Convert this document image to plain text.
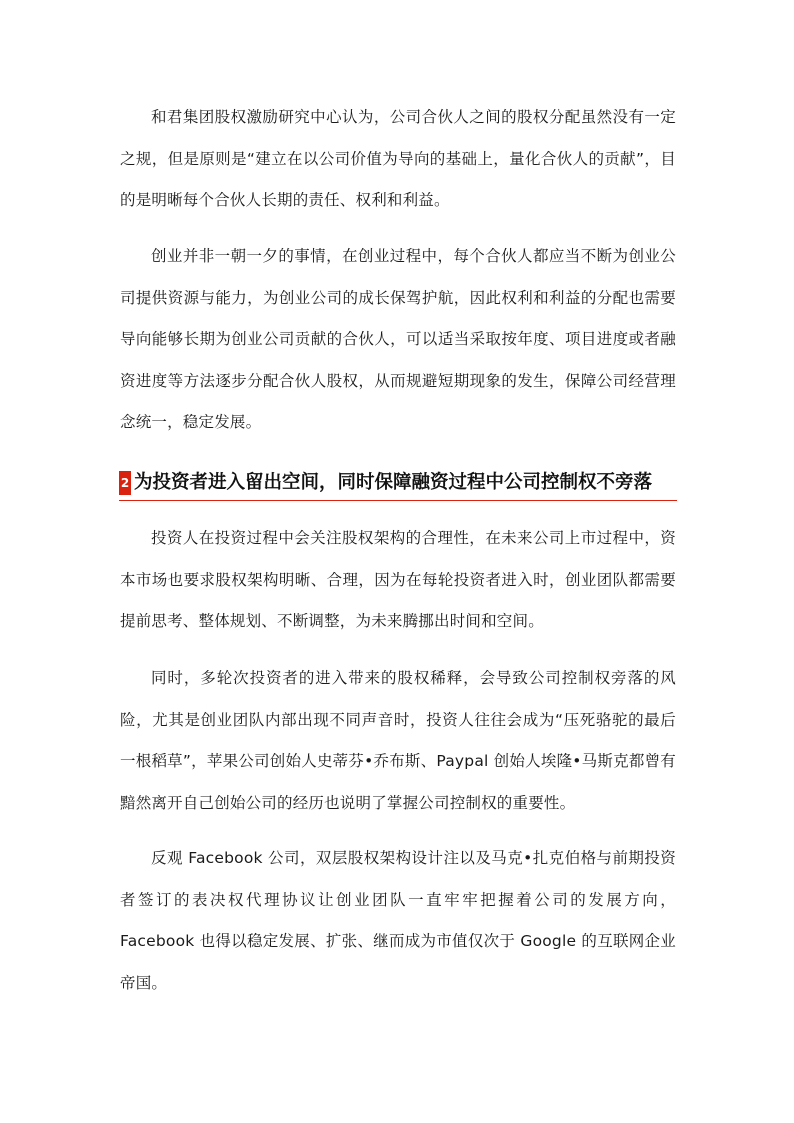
和君集团股权激励研究中心认为，公司合伙人之间的股权分配虽然没有一定之规，但是原则是“建立在以公司价值为导向的基础上，量化合伙人的贡献”，目的是明晰每个合伙人长期的责任、权利和利益。

创业并非一朝一夕的事情，在创业过程中，每个合伙人都应当不断为创业公司提供资源与能力，为创业公司的成长保驾护航，因此权利和利益的分配也需要导向能够长期为创业公司贡献的合伙人，可以适当采取按年度、项目进度或者融资进度等方法逐步分配合伙人股权，从而规避短期现象的发生，保障公司经营理念统一，稳定发展。

2 为投资者进入留出空间，同时保障融资过程中公司控制权不旁落

投资人在投资过程中会关注股权架构的合理性，在未来公司上市过程中，资本市场也要求股权架构明晰、合理，因为在每轮投资者进入时，创业团队都需要提前思考、整体规划、不断调整，为未来腾挪出时间和空间。

同时，多轮次投资者的进入带来的股权稀释，会导致公司控制权旁落的风险，尤其是创业团队内部出现不同声音时，投资人往往会成为“压死骆驼的最后一根稻草”，苹果公司创始人史蒂芬•乔布斯、Paypal 创始人埃隆•马斯克都曾有黯然离开自己创始公司的经历也说明了掌握公司控制权的重要性。

反观 Facebook 公司，双层股权架构设计注以及马克•扎克伯格与前期投资者签订的表决权代理协议让创业团队一直牢牢把握着公司的发展方向，Facebook 也得以稳定发展、扩张、继而成为市值仅次于 Google 的互联网企业帝国。
